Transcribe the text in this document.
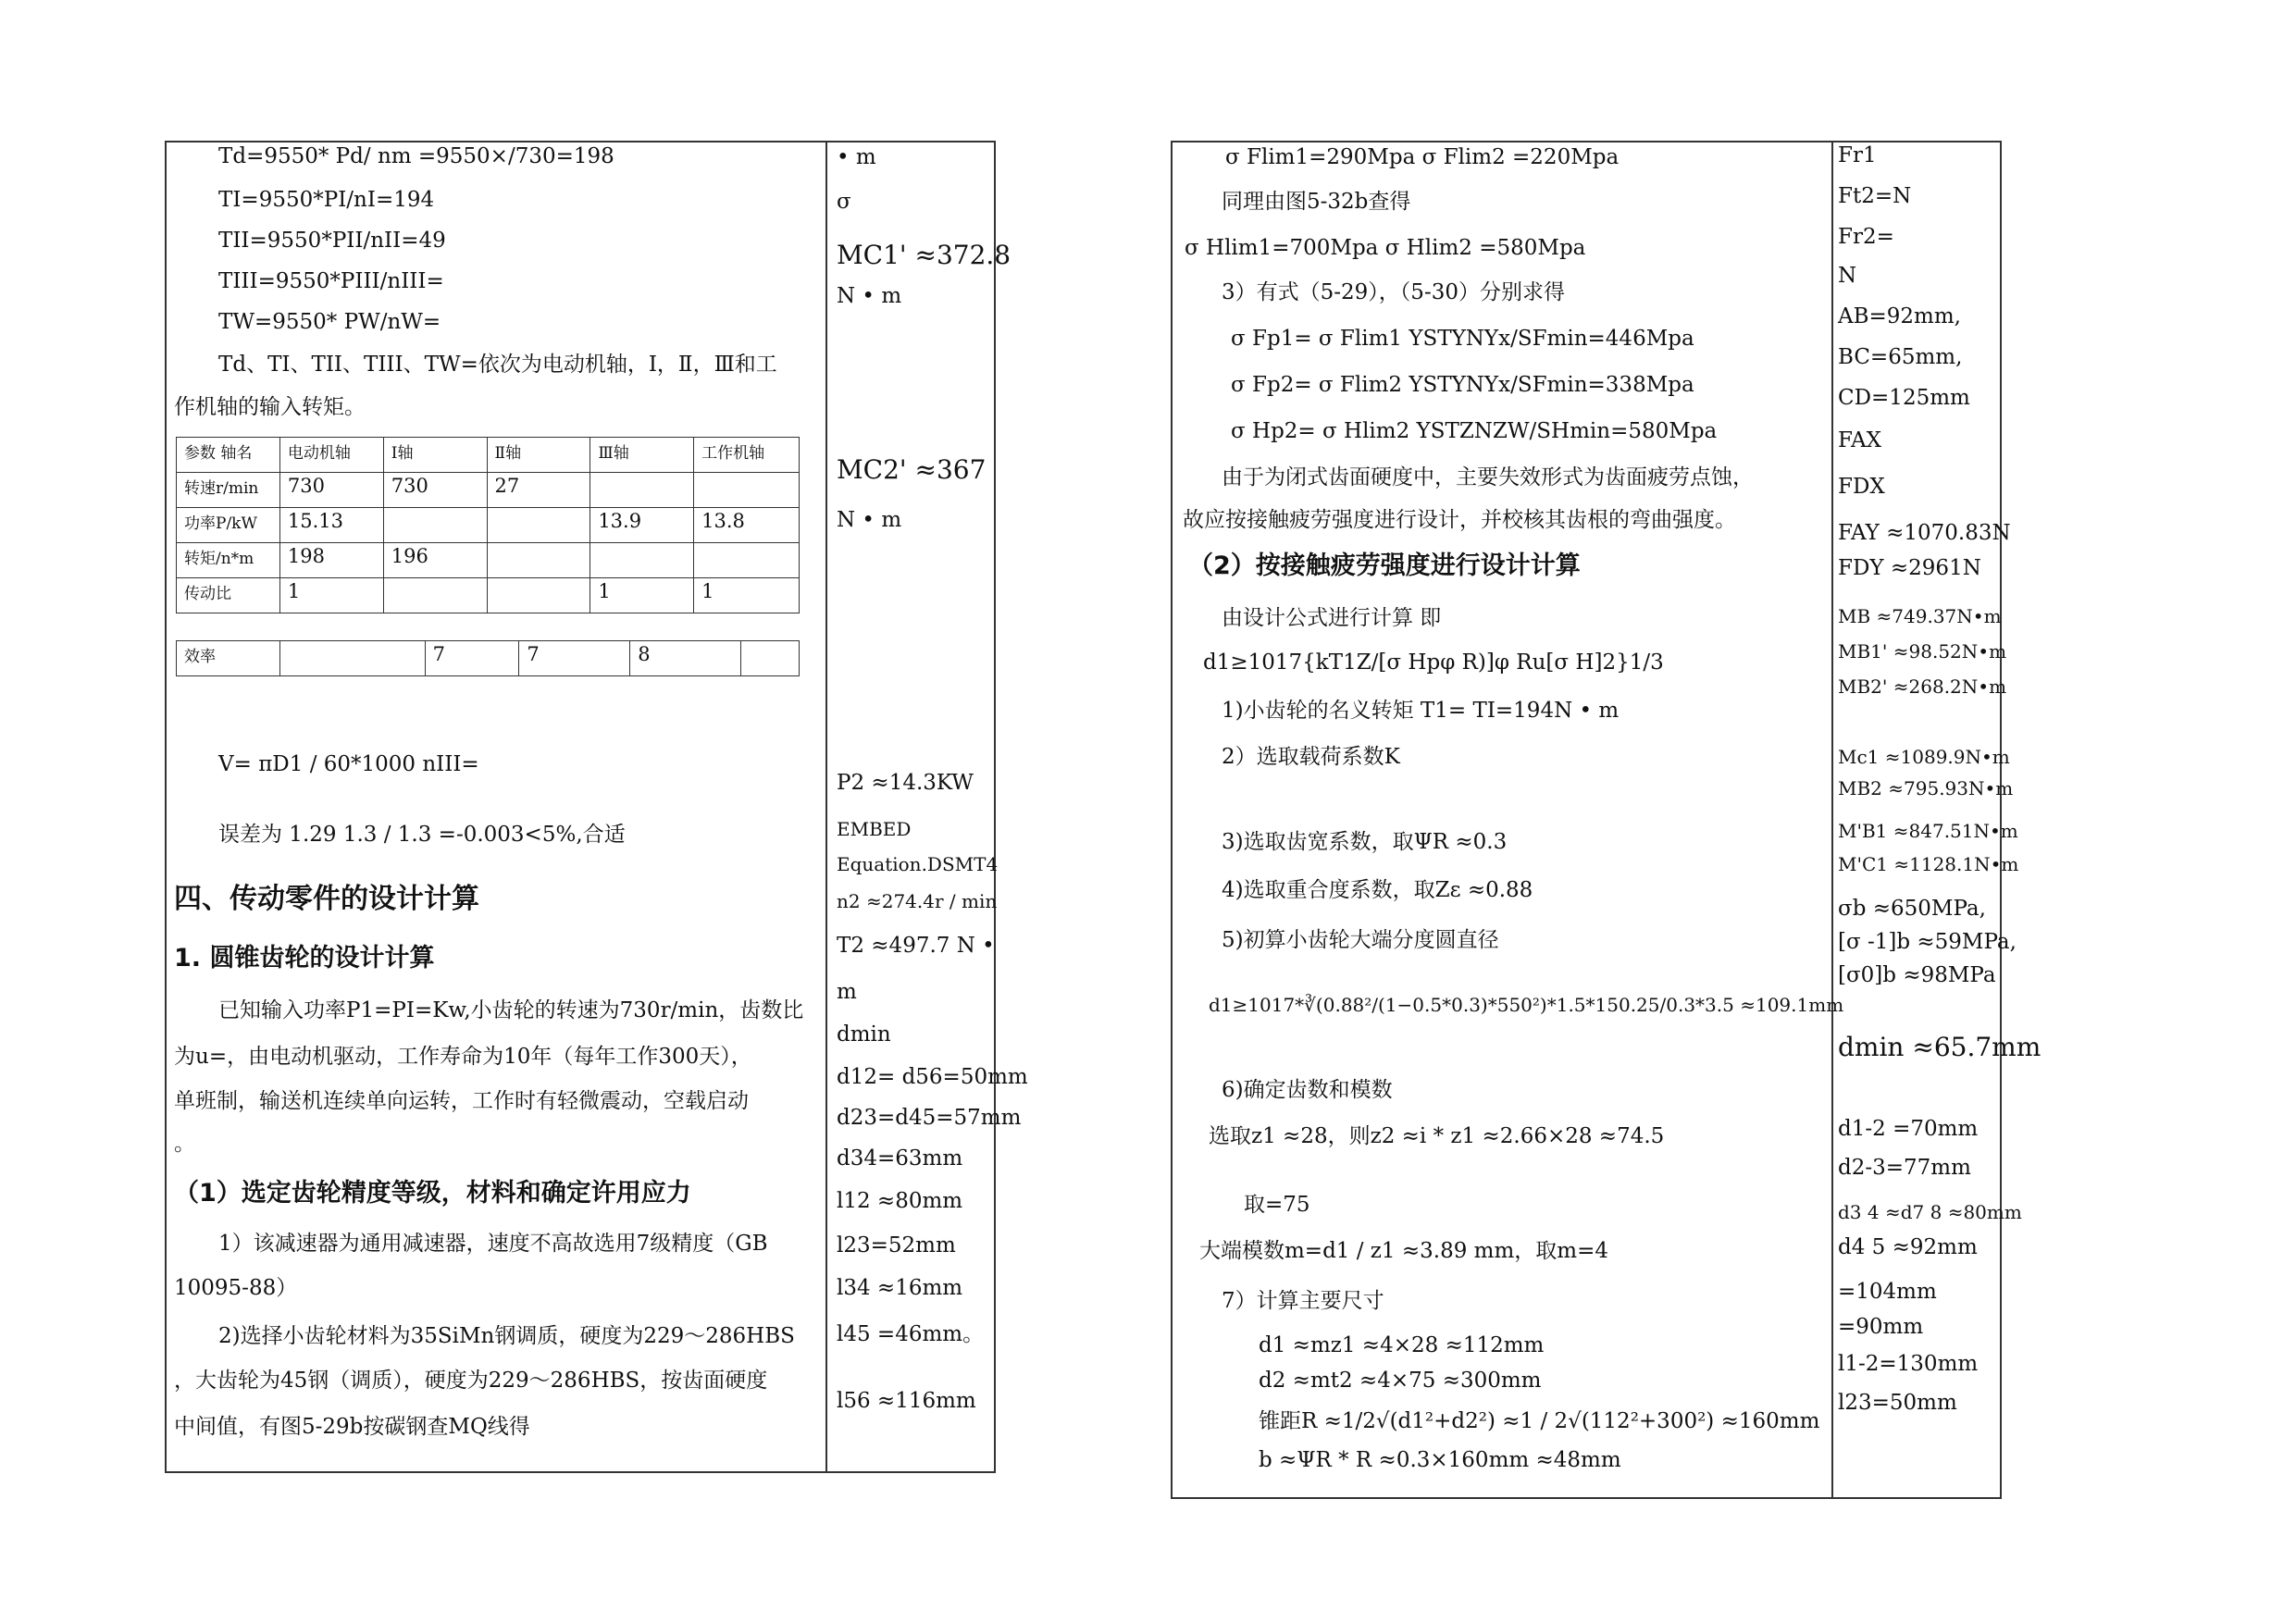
Td=9550* Pd/ nm =9550×/730=198
TI=9550*PI/nI=194
TII=9550*PII/nII=49
TIII=9550*PIII/nIII=
TW=9550* PW/nW=
Td、TI、TII、TIII、TW=依次为电动机轴，Ⅰ，Ⅱ，Ⅲ和工
作机轴的输入转矩。
参数 轴名	电动机轴	Ⅰ轴	Ⅱ轴	Ⅲ轴	工作机轴
转速r/min	730	730	27		
功率P/kW	15.13			13.9	13.8
转矩/n*m	198	196			
传动比	1			1	1
效率		7	7	8	
V= πD1 / 60*1000 nIII=
误差为 1.29 1.3 / 1.3 =-0.003<5%,合适
四、传动零件的设计计算
1. 圆锥齿轮的设计计算
已知输入功率P1=PⅠ=Kw,小齿轮的转速为730r/min，齿数比
为u=，由电动机驱动，工作寿命为10年（每年工作300天），
单班制，输送机连续单向运转，工作时有轻微震动，空载启动
。
（1）选定齿轮精度等级，材料和确定许用应力
1）该减速器为通用减速器，速度不高故选用7级精度（GB
10095-88）
2)选择小齿轮材料为35SiMn钢调质，硬度为229～286HBS
，大齿轮为45钢（调质），硬度为229～286HBS，按齿面硬度
中间值，有图5-29b按碳钢查MQ线得
• m
σ
MC1' ≈372.8
N • m
MC2' ≈367
N • m
P2 ≈14.3KW
EMBED
Equation.DSMT4
n2 ≈274.4r / min
T2 ≈497.7 N •
m
dmin
d12= d56=50mm
d23=d45=57mm
d34=63mm
l12 ≈80mm
l23=52mm
l34 ≈16mm
l45 =46mm。
l56 ≈116mm
σ Flim1=290Mpa σ Flim2 =220Mpa
同理由图5-32b查得
σ Hlim1=700Mpa σ Hlim2 =580Mpa
3）有式（5-29），（5-30）分别求得
σ Fp1= σ Flim1 YSTYNYx/SFmin=446Mpa
σ Fp2= σ Flim2 YSTYNYx/SFmin=338Mpa
σ Hp2= σ Hlim2 YSTZNZW/SHmin=580Mpa
由于为闭式齿面硬度中，主要失效形式为齿面疲劳点蚀，
故应按接触疲劳强度进行设计，并校核其齿根的弯曲强度。
（2）按接触疲劳强度进行设计计算
由设计公式进行计算 即
d1≥1017{kT1Z/[σ Hpφ R)]φ Ru[σ H]2}1/3
1)小齿轮的名义转矩 T1= TI=194N • m
2）选取载荷系数K
3)选取齿宽系数，取ΨR ≈0.3
4)选取重合度系数，取Zε ≈0.88
5)初算小齿轮大端分度圆直径
d1≥1017*∛(0.88²/(1−0.5*0.3)*550²)*1.5*150.25/0.3*3.5 ≈109.1mm
6)确定齿数和模数
选取z1 ≈28，则z2 ≈i * z1 ≈2.66×28 ≈74.5
取=75
大端模数m=d1 / z1 ≈3.89 mm，取m=4
7）计算主要尺寸
d1 ≈mz1 ≈4×28 ≈112mm
d2 ≈mt2 ≈4×75 ≈300mm
锥距R ≈1/2√(d1²+d2²) ≈1 / 2√(112²+300²) ≈160mm
b ≈ΨR * R ≈0.3×160mm ≈48mm
Fr1
Ft2=N
Fr2=
N
AB=92mm,
BC=65mm,
CD=125mm
FAX
FDX
FAY ≈1070.83N
FDY ≈2961N
MB ≈749.37N•m
MB1' ≈98.52N•m
MB2' ≈268.2N•m
Mc1 ≈1089.9N•m
MB2 ≈795.93N•m
M'B1 ≈847.51N•m
M'C1 ≈1128.1N•m
σb ≈650MPa,
[σ -1]b ≈59MPa,
[σ0]b ≈98MPa
dmin ≈65.7mm
d1-2 =70mm
d2-3=77mm
d3 4 ≈d7 8 ≈80mm
d4 5 ≈92mm
=104mm
=90mm
l1-2=130mm
l23=50mm
